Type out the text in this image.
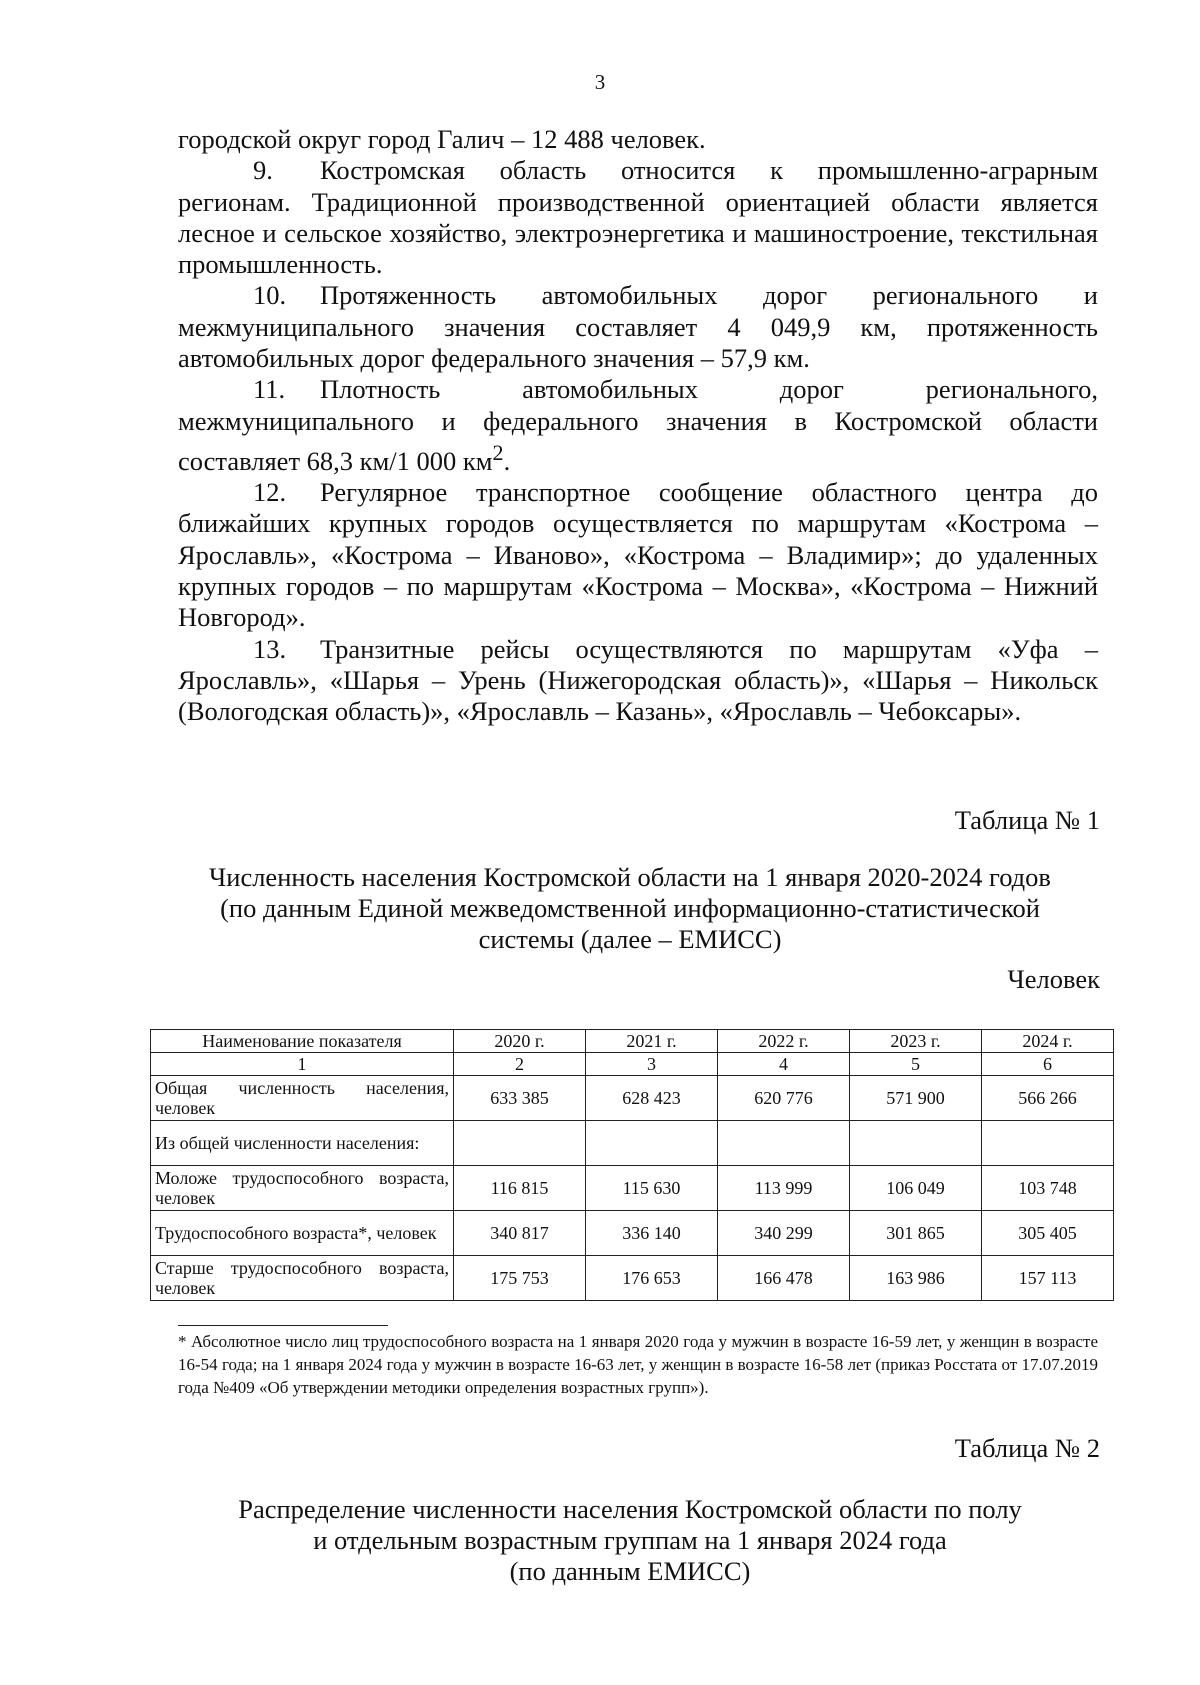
3

городской округ город Галич – 12 488 человек.

9. Костромская область относится к промышленно-аграрным регионам. Традиционной производственной ориентацией области является лесное и сельское хозяйство, электроэнергетика и машиностроение, текстильная промышленность.

10. Протяженность автомобильных дорог регионального и межмуниципального значения составляет 4 049,9 км, протяженность автомобильных дорог федерального значения – 57,9 км.

11. Плотность автомобильных дорог регионального, межмуниципального и федерального значения в Костромской области составляет 68,3 км/1 000 $км^2$.

12. Регулярное транспортное сообщение областного центра до ближайших крупных городов осуществляется по маршрутам «Кострома – Ярославль», «Кострома – Иваново», «Кострома – Владимир»; до удаленных крупных городов – по маршрутам «Кострома – Москва», «Кострома – Нижний Новгород».

13. Транзитные рейсы осуществляются по маршрутам «Уфа – Ярославль», «Шарья – Урень (Нижегородская область)», «Шарья – Никольск (Вологодская область)», «Ярославль – Казань», «Ярославль – Чебоксары».

Таблица № 1
Численность населения Костромской области на 1 января 2020-2024 годов
(по данным Единой межведомственной информационно-статистической
системы (далее – ЕМИСС)
Человек
Наименование показателя	2020 г.	2021 г.	2022 г.	2023 г.	2024 г.
1	2	3	4	5	6
Общая численность населения, человек	633 385	628 423	620 776	571 900	566 266
Из общей численности населения:					
Моложе трудоспособного возраста, человек	116 815	115 630	113 999	106 049	103 748
Трудоспособного возраста*, человек	340 817	336 140	340 299	301 865	305 405
Старше трудоспособного возраста, человек	175 753	176 653	166 478	163 986	157 113
* Абсолютное число лиц трудоспособного возраста на 1 января 2020 года у мужчин в возрасте 16-59 лет, у женщин в возрасте 16-54 года; на 1 января 2024 года у мужчин в возрасте 16-63 лет, у женщин в возрасте 16-58 лет (приказ Росстата от 17.07.2019 года №409 «Об утверждении методики определения возрастных групп»).
Таблица № 2
Распределение численности населения Костромской области по полу
и отдельным возрастным группам на 1 января 2024 года
(по данным ЕМИСС)
